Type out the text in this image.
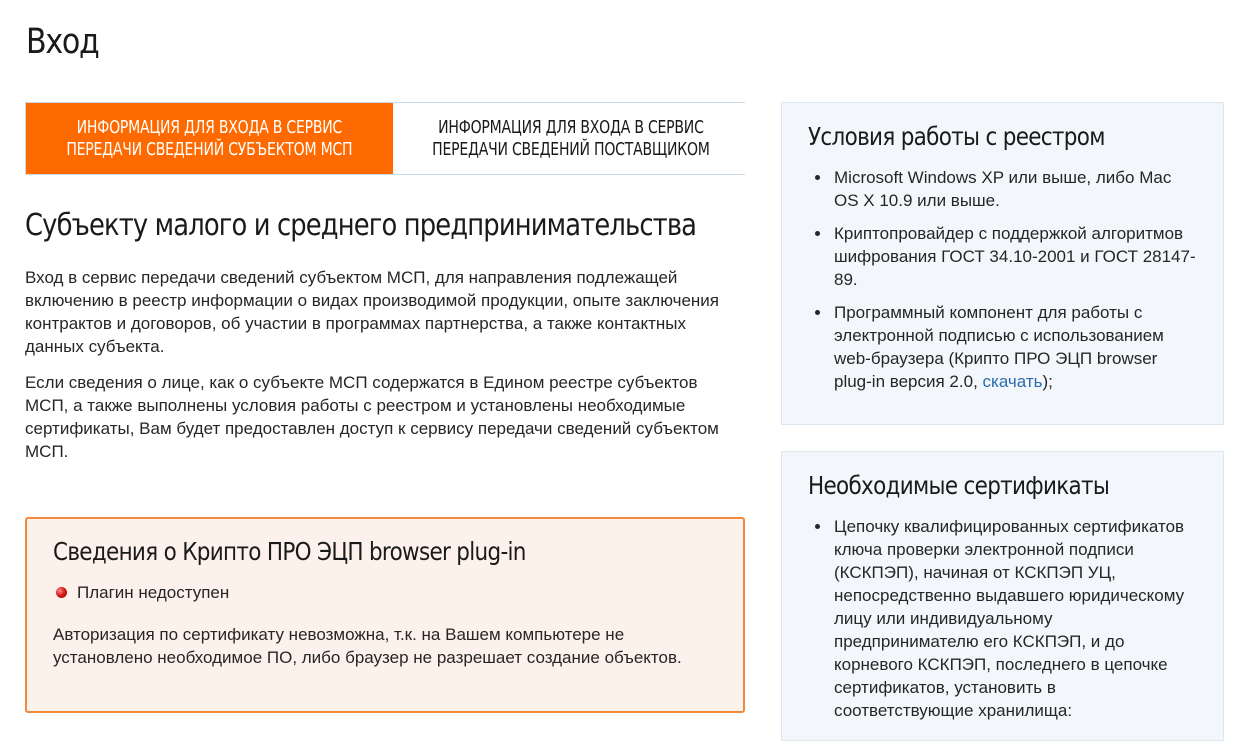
Вход
ИНФОРМАЦИЯ ДЛЯ ВХОДА В СЕРВИС
ПЕРЕДАЧИ СВЕДЕНИЙ СУБЪЕКТОМ МСП
ИНФОРМАЦИЯ ДЛЯ ВХОДА В СЕРВИС
ПЕРЕДАЧИ СВЕДЕНИЙ ПОСТАВЩИКОМ
Субъекту малого и среднего предпринимательства

Вход в сервис передачи сведений субъектом МСП, для направления подлежащей включению в реестр информации о видах производимой продукции, опыте заключения контрактов и договоров, об участии в программах партнерства, а также контактных данных субъекта.

Если сведения о лице, как о субъекте МСП содержатся в Едином реестре субъектов МСП, а также выполнены условия работы с реестром и установлены необходимые сертификаты, Вам будет предоставлен доступ к сервису передачи сведений субъектом МСП.

Сведения о Крипто ПРО ЭЦП browser plug-in
Плагин недоступен

Авторизация по сертификату невозможна, т.к. на Вашем компьютере не установлено необходимое ПО, либо браузер не разрешает создание объектов.

Условия работы с реестром
Microsoft Windows XP или выше, либо Mac OS X 10.9 или выше.
Криптопровайдер с поддержкой алгоритмов шифрования ГОСТ 34.10-2001 и ГОСТ 28147-89.
Программный компонент для работы с электронной подписью с использованием web-браузера (Крипто ПРО ЭЦП browser plug-in версия 2.0, скачать);
Необходимые сертификаты
Цепочку квалифицированных сертификатов ключа проверки электронной подписи (КСКПЭП), начиная от КСКПЭП УЦ, непосредственно выдавшего юридическому лицу или индивидуальному предпринимателю его КСКПЭП, и до корневого КСКПЭП, последнего в цепочке сертификатов, установить в соответствующие хранилища:
